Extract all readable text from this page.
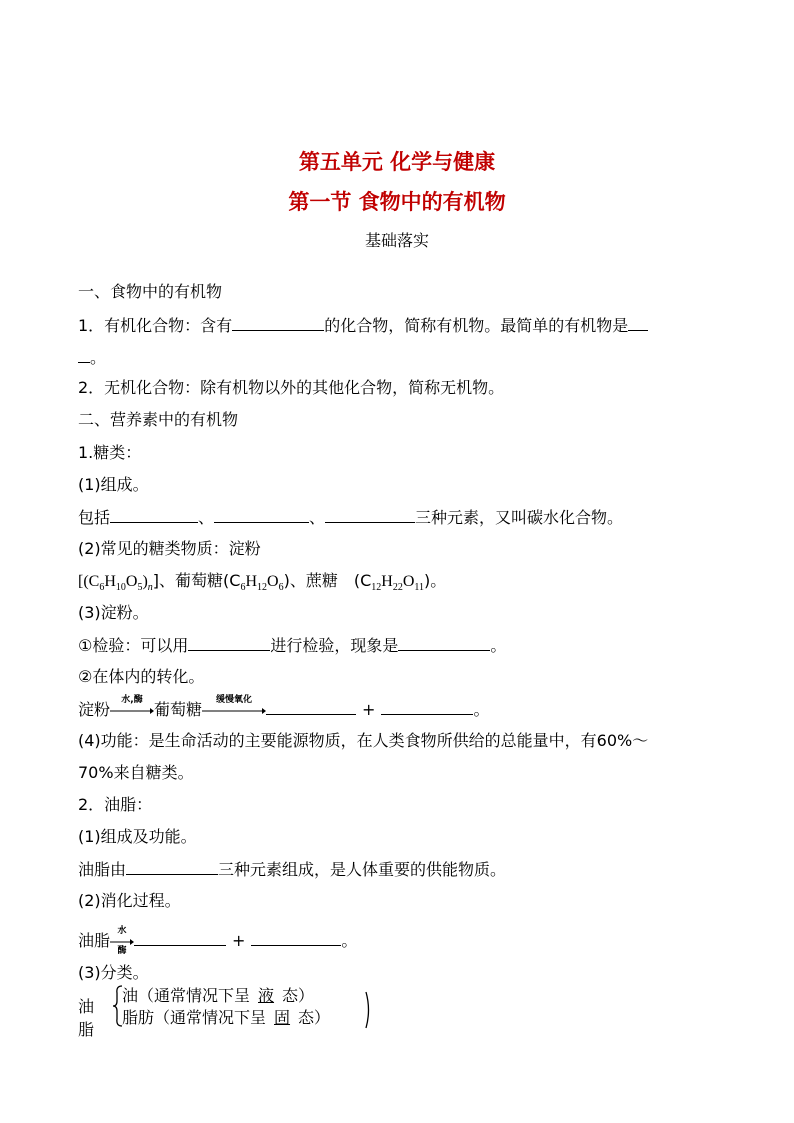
第五单元 化学与健康
第一节 食物中的有机物
基础落实
一、食物中的有机物
1．有机化合物：含有	的化合物，简称有机物。最简单的有机物是
。
2．无机化合物：除有机物以外的其他化合物，简称无机物。
二、营养素中的有机物
1.糖类：
(1)组成。
包括	、	、	三种元素，又叫碳水化合物。
(2)常见的糖类物质：淀粉
$[(C_6H_{10}O_5)_n]$、葡萄糖$(C_6H_{12}O_6)$、蔗糖　$(C_{12}H_{22}O_{11})$。
(3)淀粉。
①检验：可以用	进行检验，现象是	。
②在体内的转化。
淀粉	水,酶 葡萄糖	缓慢氧化	+	。
(4)功能：是生命活动的主要能源物质，在人类食物所供给的总能量中，有60%～
70%来自糖类。
2．油脂：
(1)组成及功能。
油脂由	三种元素组成，是人体重要的供能物质。
(2)消化过程。
油脂 水
酶
+	。
(3)分类。
油脂
油（通常情况下呈 液 态）
脂肪（通常情况下呈 固 态）
